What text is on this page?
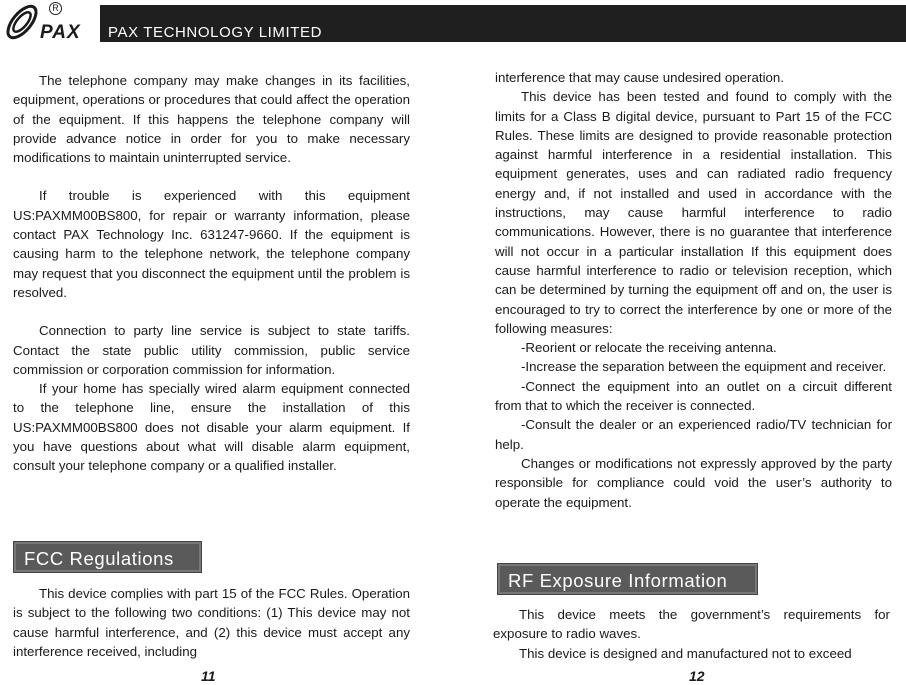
R
PAX PAX TECHNOLOGY LIMITED

The telephone company may make changes in its facilities, equipment, operations or procedures that could affect the operation of the equipment. If this happens the telephone company will provide advance notice in order for you to make necessary modifications to maintain uninterrupted service.

If trouble is experienced with this equipment US:PAXMM00BS800, for repair or warranty information, please contact PAX Technology Inc. 631247-9660. If the equipment is causing harm to the telephone network, the telephone company may request that you disconnect the equipment until the problem is resolved.

Connection to party line service is subject to state tariffs. Contact the state public utility commission, public service commission or corporation commission for information.

If your home has specially wired alarm equipment connected to the telephone line, ensure the installation of this US:PAXMM00BS800 does not disable your alarm equipment. If you have questions about what will disable alarm equipment, consult your telephone company or a qualified installer.

FCC Regulations

This device complies with part 15 of the FCC Rules. Operation is subject to the following two conditions: (1) This device may not cause harmful interference, and (2) this device must accept any interference received, including

11

interference that may cause undesired operation.

This device has been tested and found to comply with the limits for a Class B digital device, pursuant to Part 15 of the FCC Rules. These limits are designed to provide reasonable protection against harmful interference in a residential installation. This equipment generates, uses and can radiated radio frequency energy and, if not installed and used in accordance with the instructions, may cause harmful interference to radio communications. However, there is no guarantee that interference will not occur in a particular installation If this equipment does cause harmful interference to radio or television reception, which can be determined by turning the equipment off and on, the user is encouraged to try to correct the interference by one or more of the following measures:

-Reorient or relocate the receiving antenna.

-Increase the separation between the equipment and receiver.

-Connect the equipment into an outlet on a circuit different from that to which the receiver is connected.

-Consult the dealer or an experienced radio/TV technician for help.

Changes or modifications not expressly approved by the party responsible for compliance could void the user’s authority to operate the equipment.

RF Exposure Information

This device meets the government’s requirements for exposure to radio waves.

This device is designed and manufactured not to exceed

12
